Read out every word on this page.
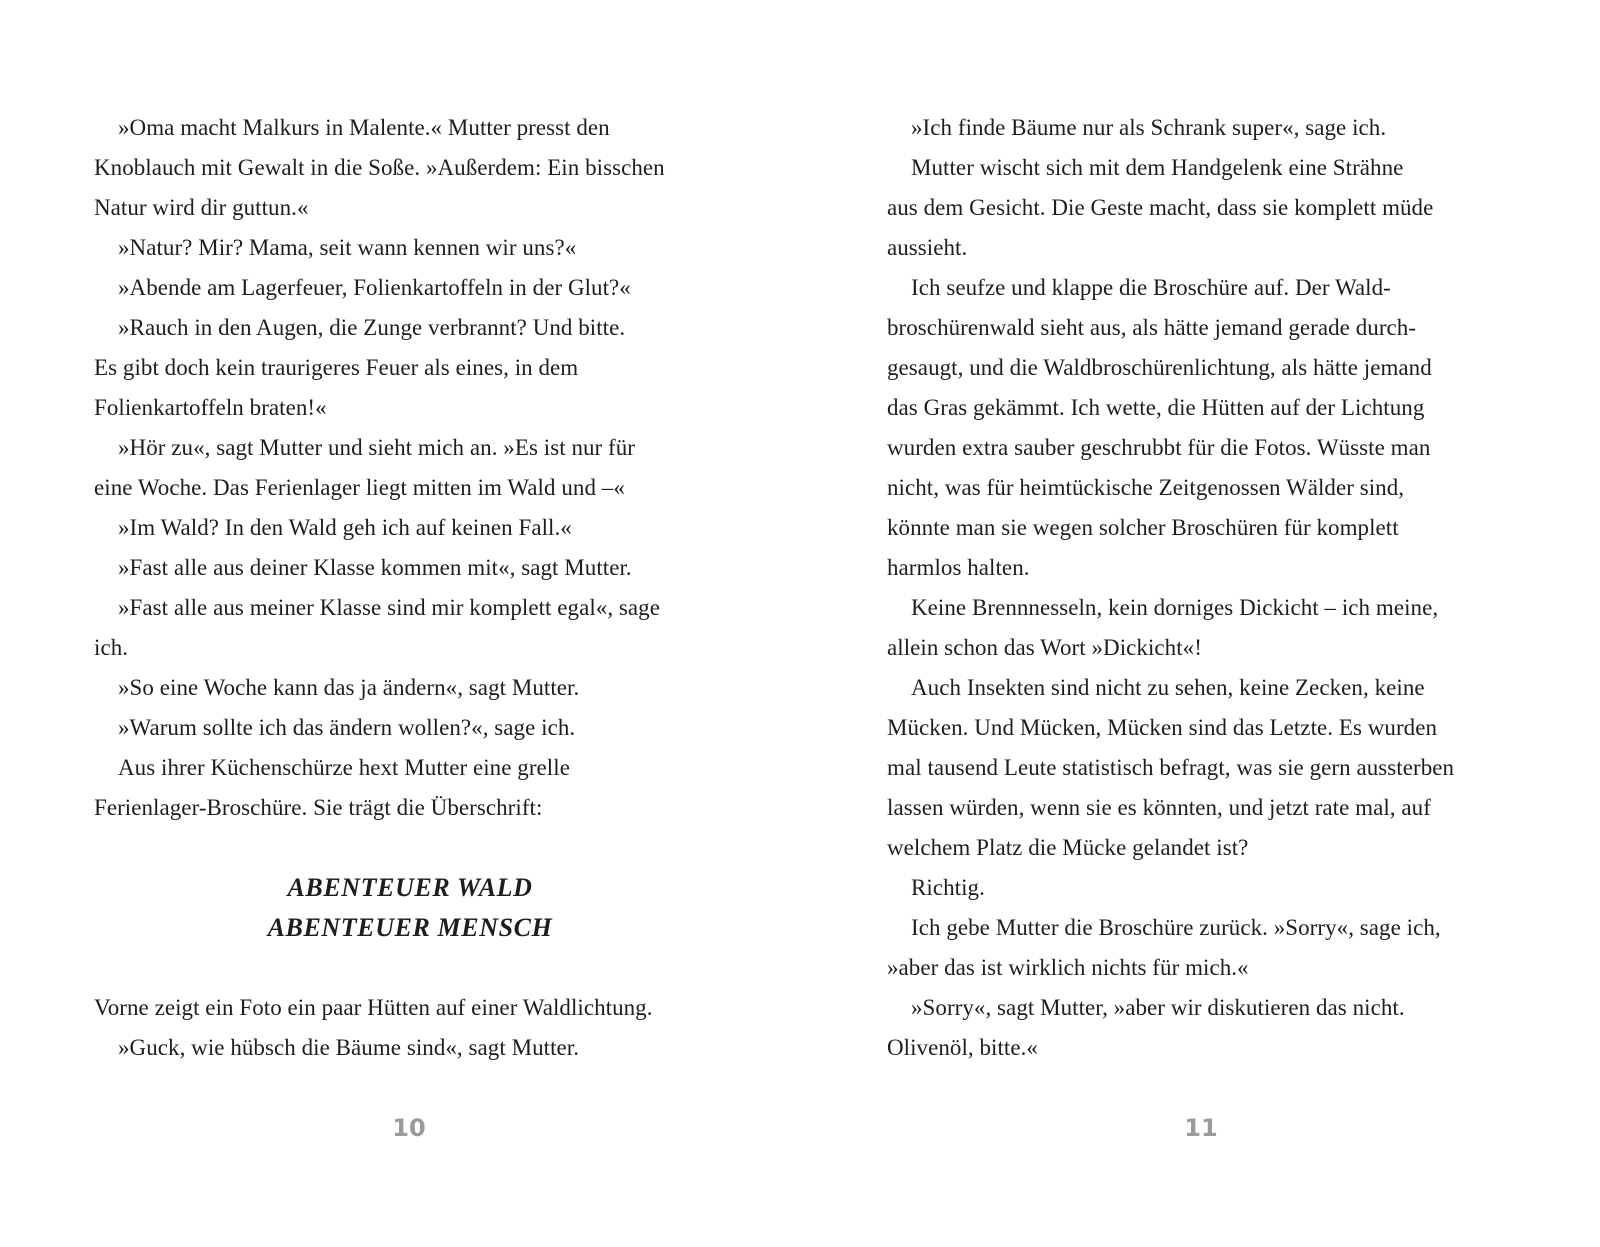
»Oma macht Malkurs in Malente.« Mutter presst den
Knoblauch mit Gewalt in die Soße. »Außerdem: Ein bisschen
Natur wird dir guttun.«
»Natur? Mir? Mama, seit wann kennen wir uns?«
»Abende am Lagerfeuer, Folienkartoffeln in der Glut?«
»Rauch in den Augen, die Zunge verbrannt? Und bitte.
Es gibt doch kein traurigeres Feuer als eines, in dem
Folienkartoffeln braten!«
»Hör zu«, sagt Mutter und sieht mich an. »Es ist nur für
eine Woche. Das Ferienlager liegt mitten im Wald und –«
»Im Wald? In den Wald geh ich auf keinen Fall.«
»Fast alle aus deiner Klasse kommen mit«, sagt Mutter.
»Fast alle aus meiner Klasse sind mir komplett egal«, sage
ich.
»So eine Woche kann das ja ändern«, sagt Mutter.
»Warum sollte ich das ändern wollen?«, sage ich.
Aus ihrer Küchenschürze hext Mutter eine grelle
Ferienlager-Broschüre. Sie trägt die Überschrift:
ABENTEUER WALD
ABENTEUER MENSCH
Vorne zeigt ein Foto ein paar Hütten auf einer Waldlichtung.
»Guck, wie hübsch die Bäume sind«, sagt Mutter.
»Ich finde Bäume nur als Schrank super«, sage ich.
Mutter wischt sich mit dem Handgelenk eine Strähne
aus dem Gesicht. Die Geste macht, dass sie komplett müde
aussieht.
Ich seufze und klappe die Broschüre auf. Der Wald-
broschürenwald sieht aus, als hätte jemand gerade durch-
gesaugt, und die Waldbroschürenlichtung, als hätte jemand
das Gras gekämmt. Ich wette, die Hütten auf der Lichtung
wurden extra sauber geschrubbt für die Fotos. Wüsste man
nicht, was für heimtückische Zeitgenossen Wälder sind,
könnte man sie wegen solcher Broschüren für komplett
harmlos halten.
Keine Brennnesseln, kein dorniges Dickicht – ich meine,
allein schon das Wort »Dickicht«!
Auch Insekten sind nicht zu sehen, keine Zecken, keine
Mücken. Und Mücken, Mücken sind das Letzte. Es wurden
mal tausend Leute statistisch befragt, was sie gern aussterben
lassen würden, wenn sie es könnten, und jetzt rate mal, auf
welchem Platz die Mücke gelandet ist?
Richtig.
Ich gebe Mutter die Broschüre zurück. »Sorry«, sage ich,
»aber das ist wirklich nichts für mich.«
»Sorry«, sagt Mutter, »aber wir diskutieren das nicht.
Olivenöl, bitte.«
10	11
